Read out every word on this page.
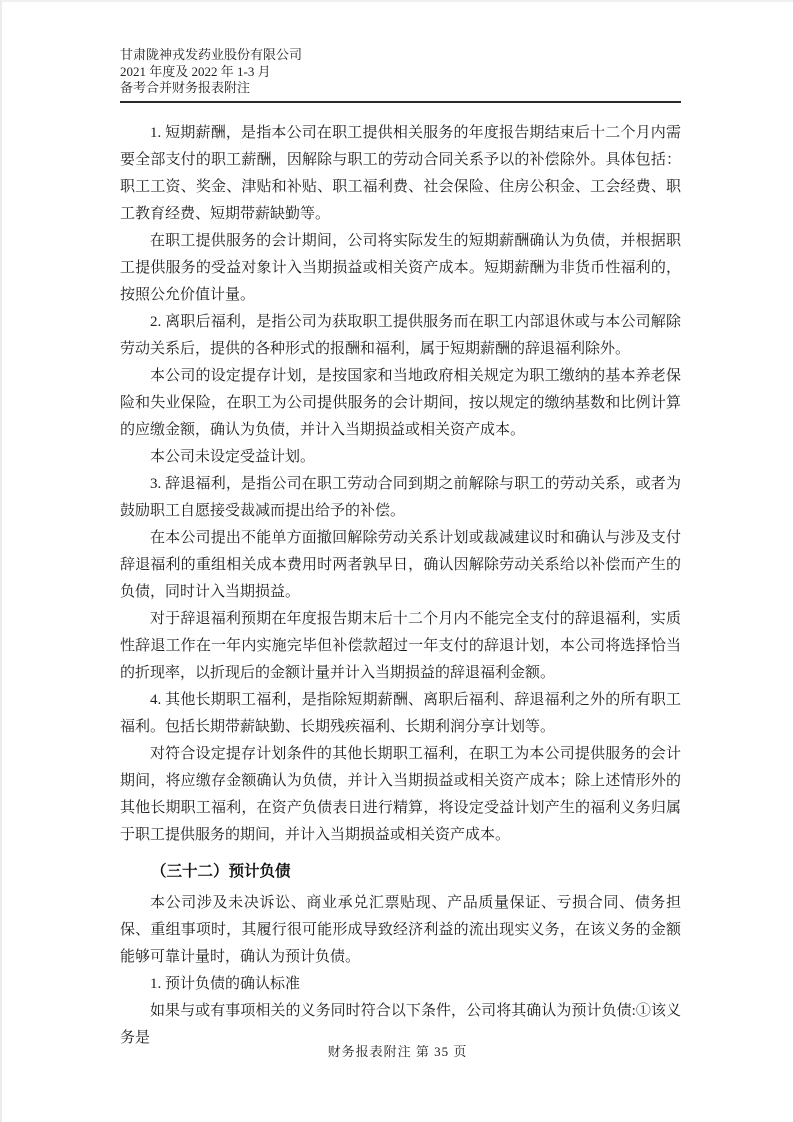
甘肃陇神戎发药业股份有限公司
2021 年度及 2022 年 1-3 月
备考合并财务报表附注

1. 短期薪酬，是指本公司在职工提供相关服务的年度报告期结束后十二个月内需要全部支付的职工薪酬，因解除与职工的劳动合同关系予以的补偿除外。具体包括：职工工资、奖金、津贴和补贴、职工福利费、社会保险、住房公积金、工会经费、职工教育经费、短期带薪缺勤等。

在职工提供服务的会计期间，公司将实际发生的短期薪酬确认为负债，并根据职工提供服务的受益对象计入当期损益或相关资产成本。短期薪酬为非货币性福利的，按照公允价值计量。

2. 离职后福利，是指公司为获取职工提供服务而在职工内部退休或与本公司解除劳动关系后，提供的各种形式的报酬和福利，属于短期薪酬的辞退福利除外。

本公司的设定提存计划，是按国家和当地政府相关规定为职工缴纳的基本养老保险和失业保险，在职工为公司提供服务的会计期间，按以规定的缴纳基数和比例计算的应缴金额，确认为负债，并计入当期损益或相关资产成本。

本公司未设定受益计划。

3. 辞退福利，是指公司在职工劳动合同到期之前解除与职工的劳动关系，或者为鼓励职工自愿接受裁减而提出给予的补偿。

在本公司提出不能单方面撤回解除劳动关系计划或裁减建议时和确认与涉及支付辞退福利的重组相关成本费用时两者孰早日，确认因解除劳动关系给以补偿而产生的负债，同时计入当期损益。

对于辞退福利预期在年度报告期末后十二个月内不能完全支付的辞退福利，实质性辞退工作在一年内实施完毕但补偿款超过一年支付的辞退计划，本公司将选择恰当的折现率，以折现后的金额计量并计入当期损益的辞退福利金额。

4. 其他长期职工福利，是指除短期薪酬、离职后福利、辞退福利之外的所有职工福利。包括长期带薪缺勤、长期残疾福利、长期利润分享计划等。

对符合设定提存计划条件的其他长期职工福利，在职工为本公司提供服务的会计期间，将应缴存金额确认为负债，并计入当期损益或相关资产成本；除上述情形外的其他长期职工福利，在资产负债表日进行精算，将设定受益计划产生的福利义务归属于职工提供服务的期间，并计入当期损益或相关资产成本。

（三十二）预计负债

本公司涉及未决诉讼、商业承兑汇票贴现、产品质量保证、亏损合同、债务担保、重组事项时，其履行很可能形成导致经济利益的流出现实义务，在该义务的金额能够可靠计量时，确认为预计负债。

1. 预计负债的确认标准

如果与或有事项相关的义务同时符合以下条件，公司将其确认为预计负债:①该义务是

财务报表附注 第 35 页
